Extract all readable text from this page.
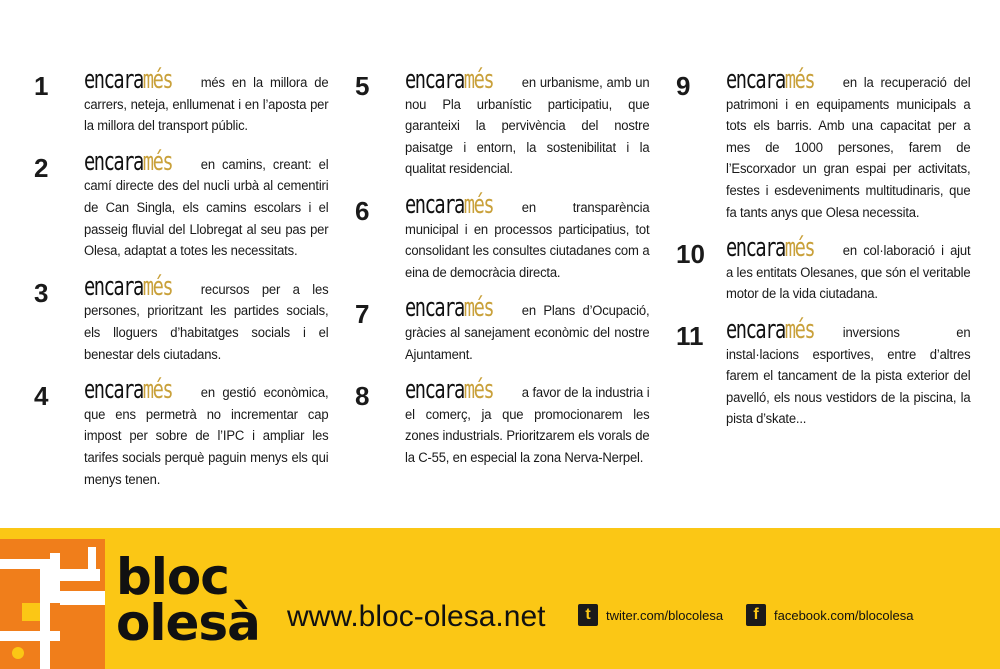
1 encaramés més en la millora de carrers, neteja, enllumenat i en l’aposta per la millora del transport públic.
2 encaramés en camins, creant: el camí directe des del nucli urbà al cementiri de Can Singla, els camins escolars i el passeig fluvial del Llobregat al seu pas per Olesa, adaptat a totes les necessitats.
3 encaramés recursos per a les persones, prioritzant les partides socials, els lloguers d’habitatges socials i el benestar dels ciutadans.
4 encaramés en gestió econòmica, que ens permetrà no incrementar cap impost per sobre de l’IPC i ampliar les tarifes socials perquè paguin menys els qui menys tenen.
5 encaramés en urbanisme, amb un nou Pla urbanístic participatiu, que garanteixi la pervivència del nostre paisatge i entorn, la sostenibilitat i la qualitat residencial.
6 encaramés en transparència municipal i en processos participatius, tot consolidant les consultes ciutadanes com a eina de democràcia directa.
7 encaramés en Plans d’Ocupació, gràcies al sanejament econòmic del nostre Ajuntament.
8 encaramés a favor de la industria i el comerç, ja que promocionarem les zones industrials. Prioritzarem els vorals de la C-55, en especial la zona Nerva-Nerpel.
9 encaramés en la recuperació del patrimoni i en equipaments municipals a tots els barris. Amb una capacitat per a mes de 1000 persones, farem de l’Escorxador un gran espai per activitats, festes i esdeveniments multitudinaris, que fa tants anys que Olesa necessita.
10 encaramés en col·laboració i ajut a les entitats Olesanes, que són el veritable motor de la vida ciutadana.
11 encaramés inversions en instal·lacions esportives, entre d’altres farem el tancament de la pista exterior del pavelló, els nous vestidors de la piscina, la pista d’skate...
bloc
olesà www.bloc-olesa.net	t	twiter.com/blocolesa	f	facebook.com/blocolesa
